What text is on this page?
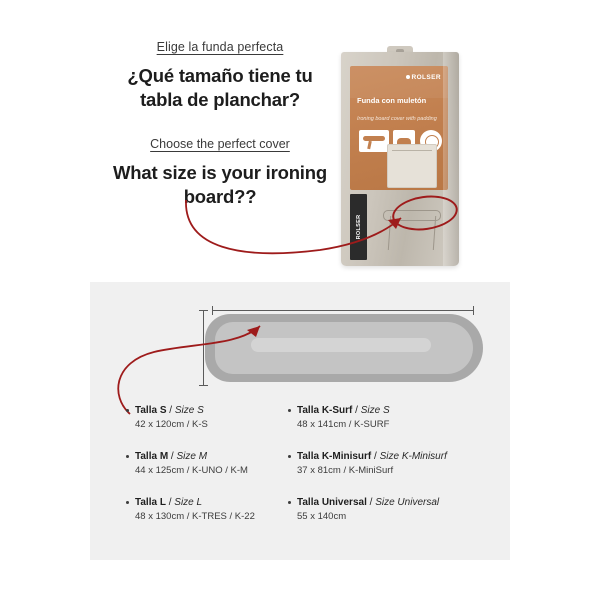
Elige la funda perfecta
¿Qué tamaño tiene tu tabla de planchar?
Choose the perfect cover
What size is your ironing board??
ROLSER
Funda con muletón
Ironing board cover with padding
ROLSER
Talla S / Size S
42 x 120cm / K-S
Talla M / Size M
44 x 125cm / K-UNO / K-M
Talla L / Size L
48 x 130cm / K-TRES / K-22
Talla K-Surf / Size S
48 x 141cm / K-SURF
Talla K-Minisurf / Size K-Minisurf
37 x 81cm / K-MiniSurf
Talla Universal / Size Universal
55 x 140cm
